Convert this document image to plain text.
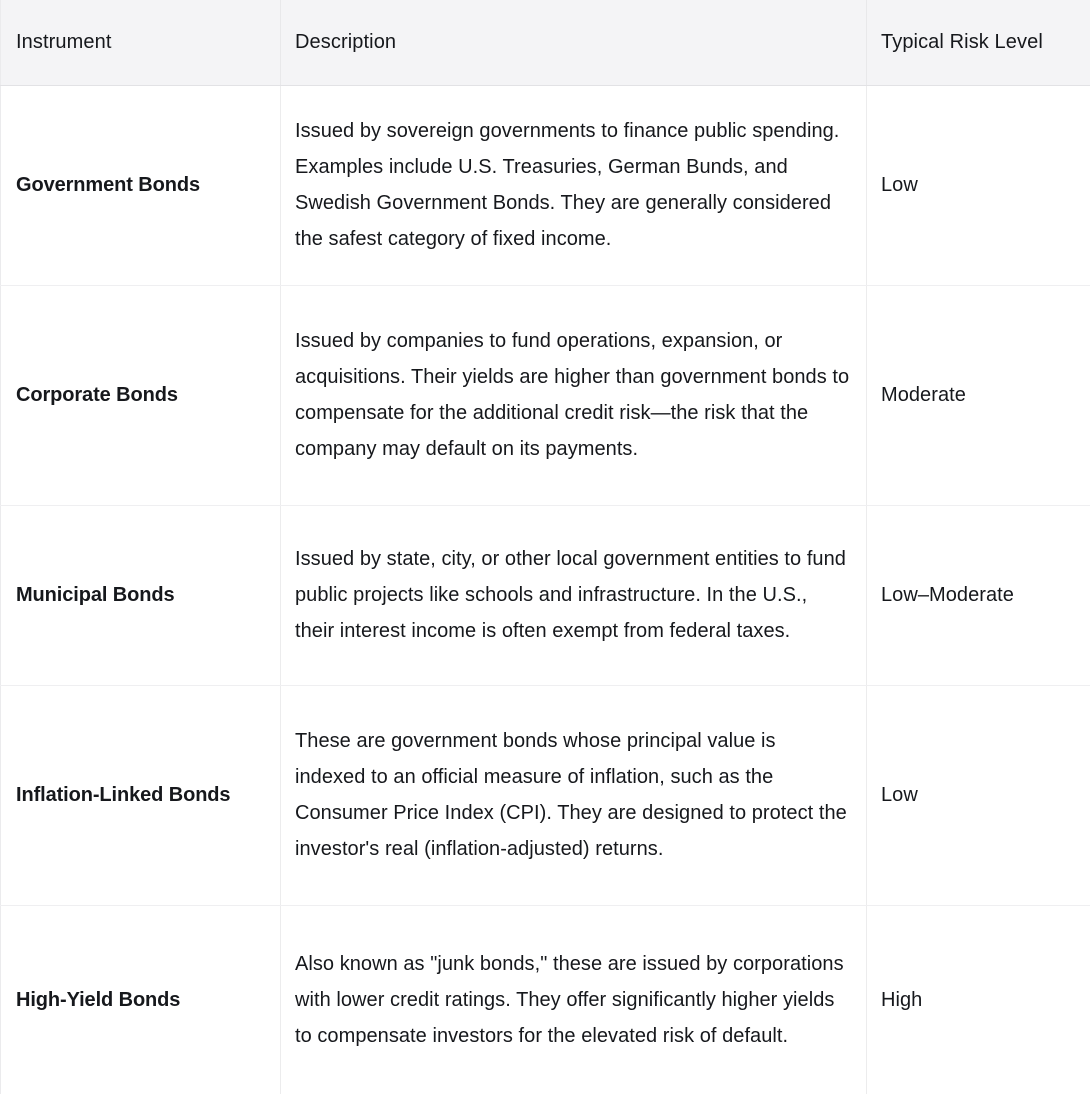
Instrument	Description	Typical Risk Level
Government Bonds	Issued by sovereign governments to finance public spending. Examples include U.S. Treasuries, German Bunds, and Swedish Government Bonds. They are generally considered the safest category of fixed income.	Low
Corporate Bonds	Issued by companies to fund operations, expansion, or acquisitions. Their yields are higher than government bonds to compensate for the additional credit risk—the risk that the company may default on its payments.	Moderate
Municipal Bonds	Issued by state, city, or other local government entities to fund public projects like schools and infrastructure. In the U.S., their interest income is often exempt from federal taxes.	Low–Moderate
Inflation-Linked Bonds	These are government bonds whose principal value is indexed to an official measure of inflation, such as the Consumer Price Index (CPI). They are designed to protect the investor's real (inflation-adjusted) returns.	Low
High-Yield Bonds	Also known as "junk bonds," these are issued by corporations with lower credit ratings. They offer significantly higher yields to compensate investors for the elevated risk of default.	High
